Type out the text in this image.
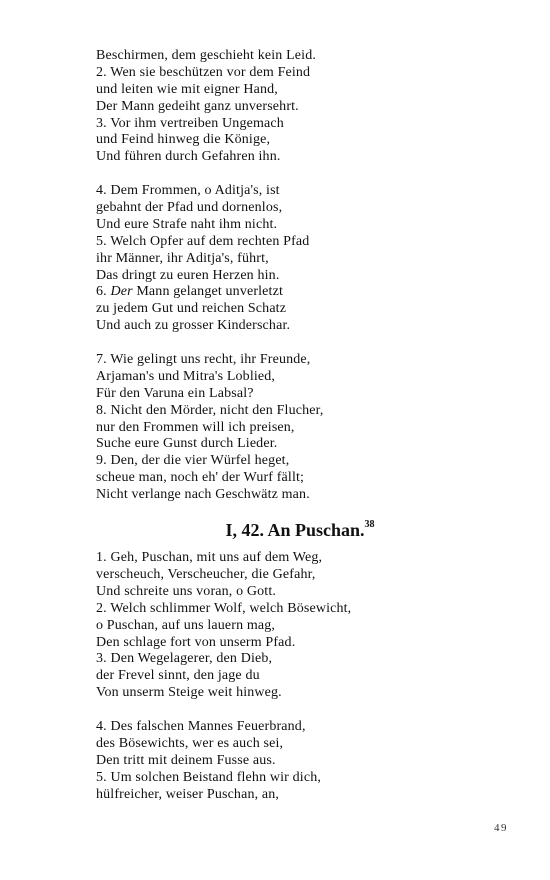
Beschirmen, dem geschieht kein Leid.
2. Wen sie beschützen vor dem Feind
und leiten wie mit eigner Hand,
Der Mann gedeiht ganz unversehrt.
3. Vor ihm vertreiben Ungemach
und Feind hinweg die Könige,
Und führen durch Gefahren ihn.
4. Dem Frommen, o Aditja's, ist
gebahnt der Pfad und dornenlos,
Und eure Strafe naht ihm nicht.
5. Welch Opfer auf dem rechten Pfad
ihr Männer, ihr Aditja's, führt,
Das dringt zu euren Herzen hin.
6. Der Mann gelanget unverletzt
zu jedem Gut und reichen Schatz
Und auch zu grosser Kinderschar.
7. Wie gelingt uns recht, ihr Freunde,
Arjaman's und Mitra's Loblied,
Für den Varuna ein Labsal?
8. Nicht den Mörder, nicht den Flucher,
nur den Frommen will ich preisen,
Suche eure Gunst durch Lieder.
9. Den, der die vier Würfel heget,
scheue man, noch eh' der Wurf fällt;
Nicht verlange nach Geschwätz man.
I, 42. An Puschan.$^{38}$
1. Geh, Puschan, mit uns auf dem Weg,
verscheuch, Verscheucher, die Gefahr,
Und schreite uns voran, o Gott.
2. Welch schlimmer Wolf, welch Bösewicht,
o Puschan, auf uns lauern mag,
Den schlage fort von unserm Pfad.
3. Den Wegelagerer, den Dieb,
der Frevel sinnt, den jage du
Von unserm Steige weit hinweg.
4. Des falschen Mannes Feuerbrand,
des Bösewichts, wer es auch sei,
Den tritt mit deinem Fusse aus.
5. Um solchen Beistand flehn wir dich,
hülfreicher, weiser Puschan, an,
49
